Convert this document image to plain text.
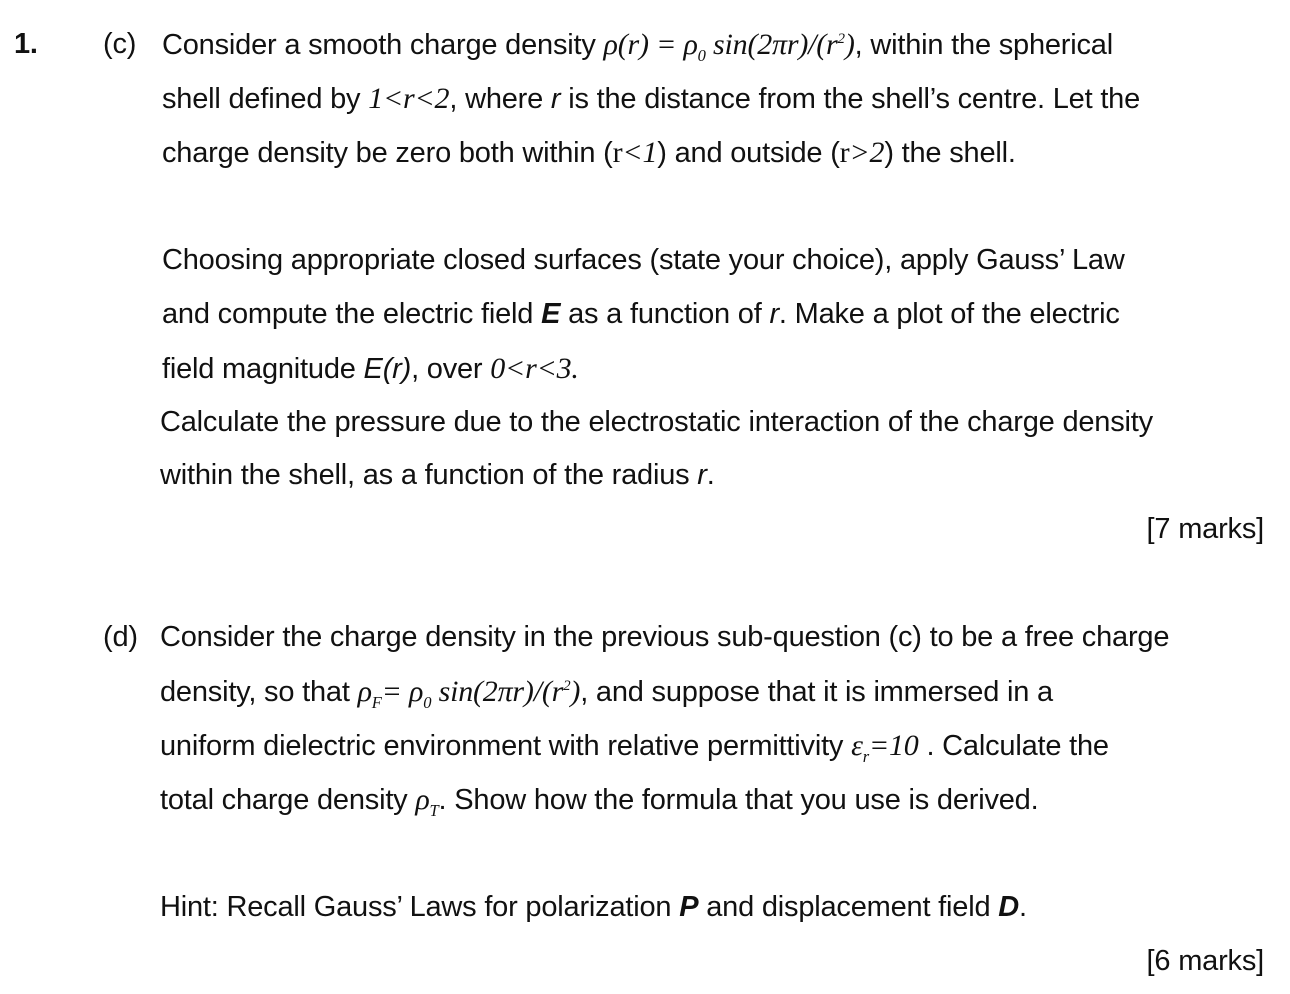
1. (c) Consider a smooth charge density $\rho(r) = \rho_0$ $\sin(2\pi r)/(r^2)$, within the spherical
shell defined by 1<r<2, where r is the distance from the shell’s centre. Let the
charge density be zero both within (r<1) and outside (r>2) the shell.
Choosing appropriate closed surfaces (state your choice), apply Gauss’ Law
and compute the electric field E as a function of r. Make a plot of the electric
field magnitude E(r), over 0<r<3.
Calculate the pressure due to the electrostatic interaction of the charge density
within the shell, as a function of the radius r.
[7 marks]
(d) Consider the charge density in the previous sub-question (c) to be a free charge
density, so that $\rho_F= \rho_0$ $\sin(2\pi r)/(r^2)$, and suppose that it is immersed in a
uniform dielectric environment with relative permittivity $\varepsilon_r=10$ . Calculate the
total charge density $\rho_T$. Show how the formula that you use is derived.
Hint: Recall Gauss’ Laws for polarization P and displacement field D.
[6 marks]
